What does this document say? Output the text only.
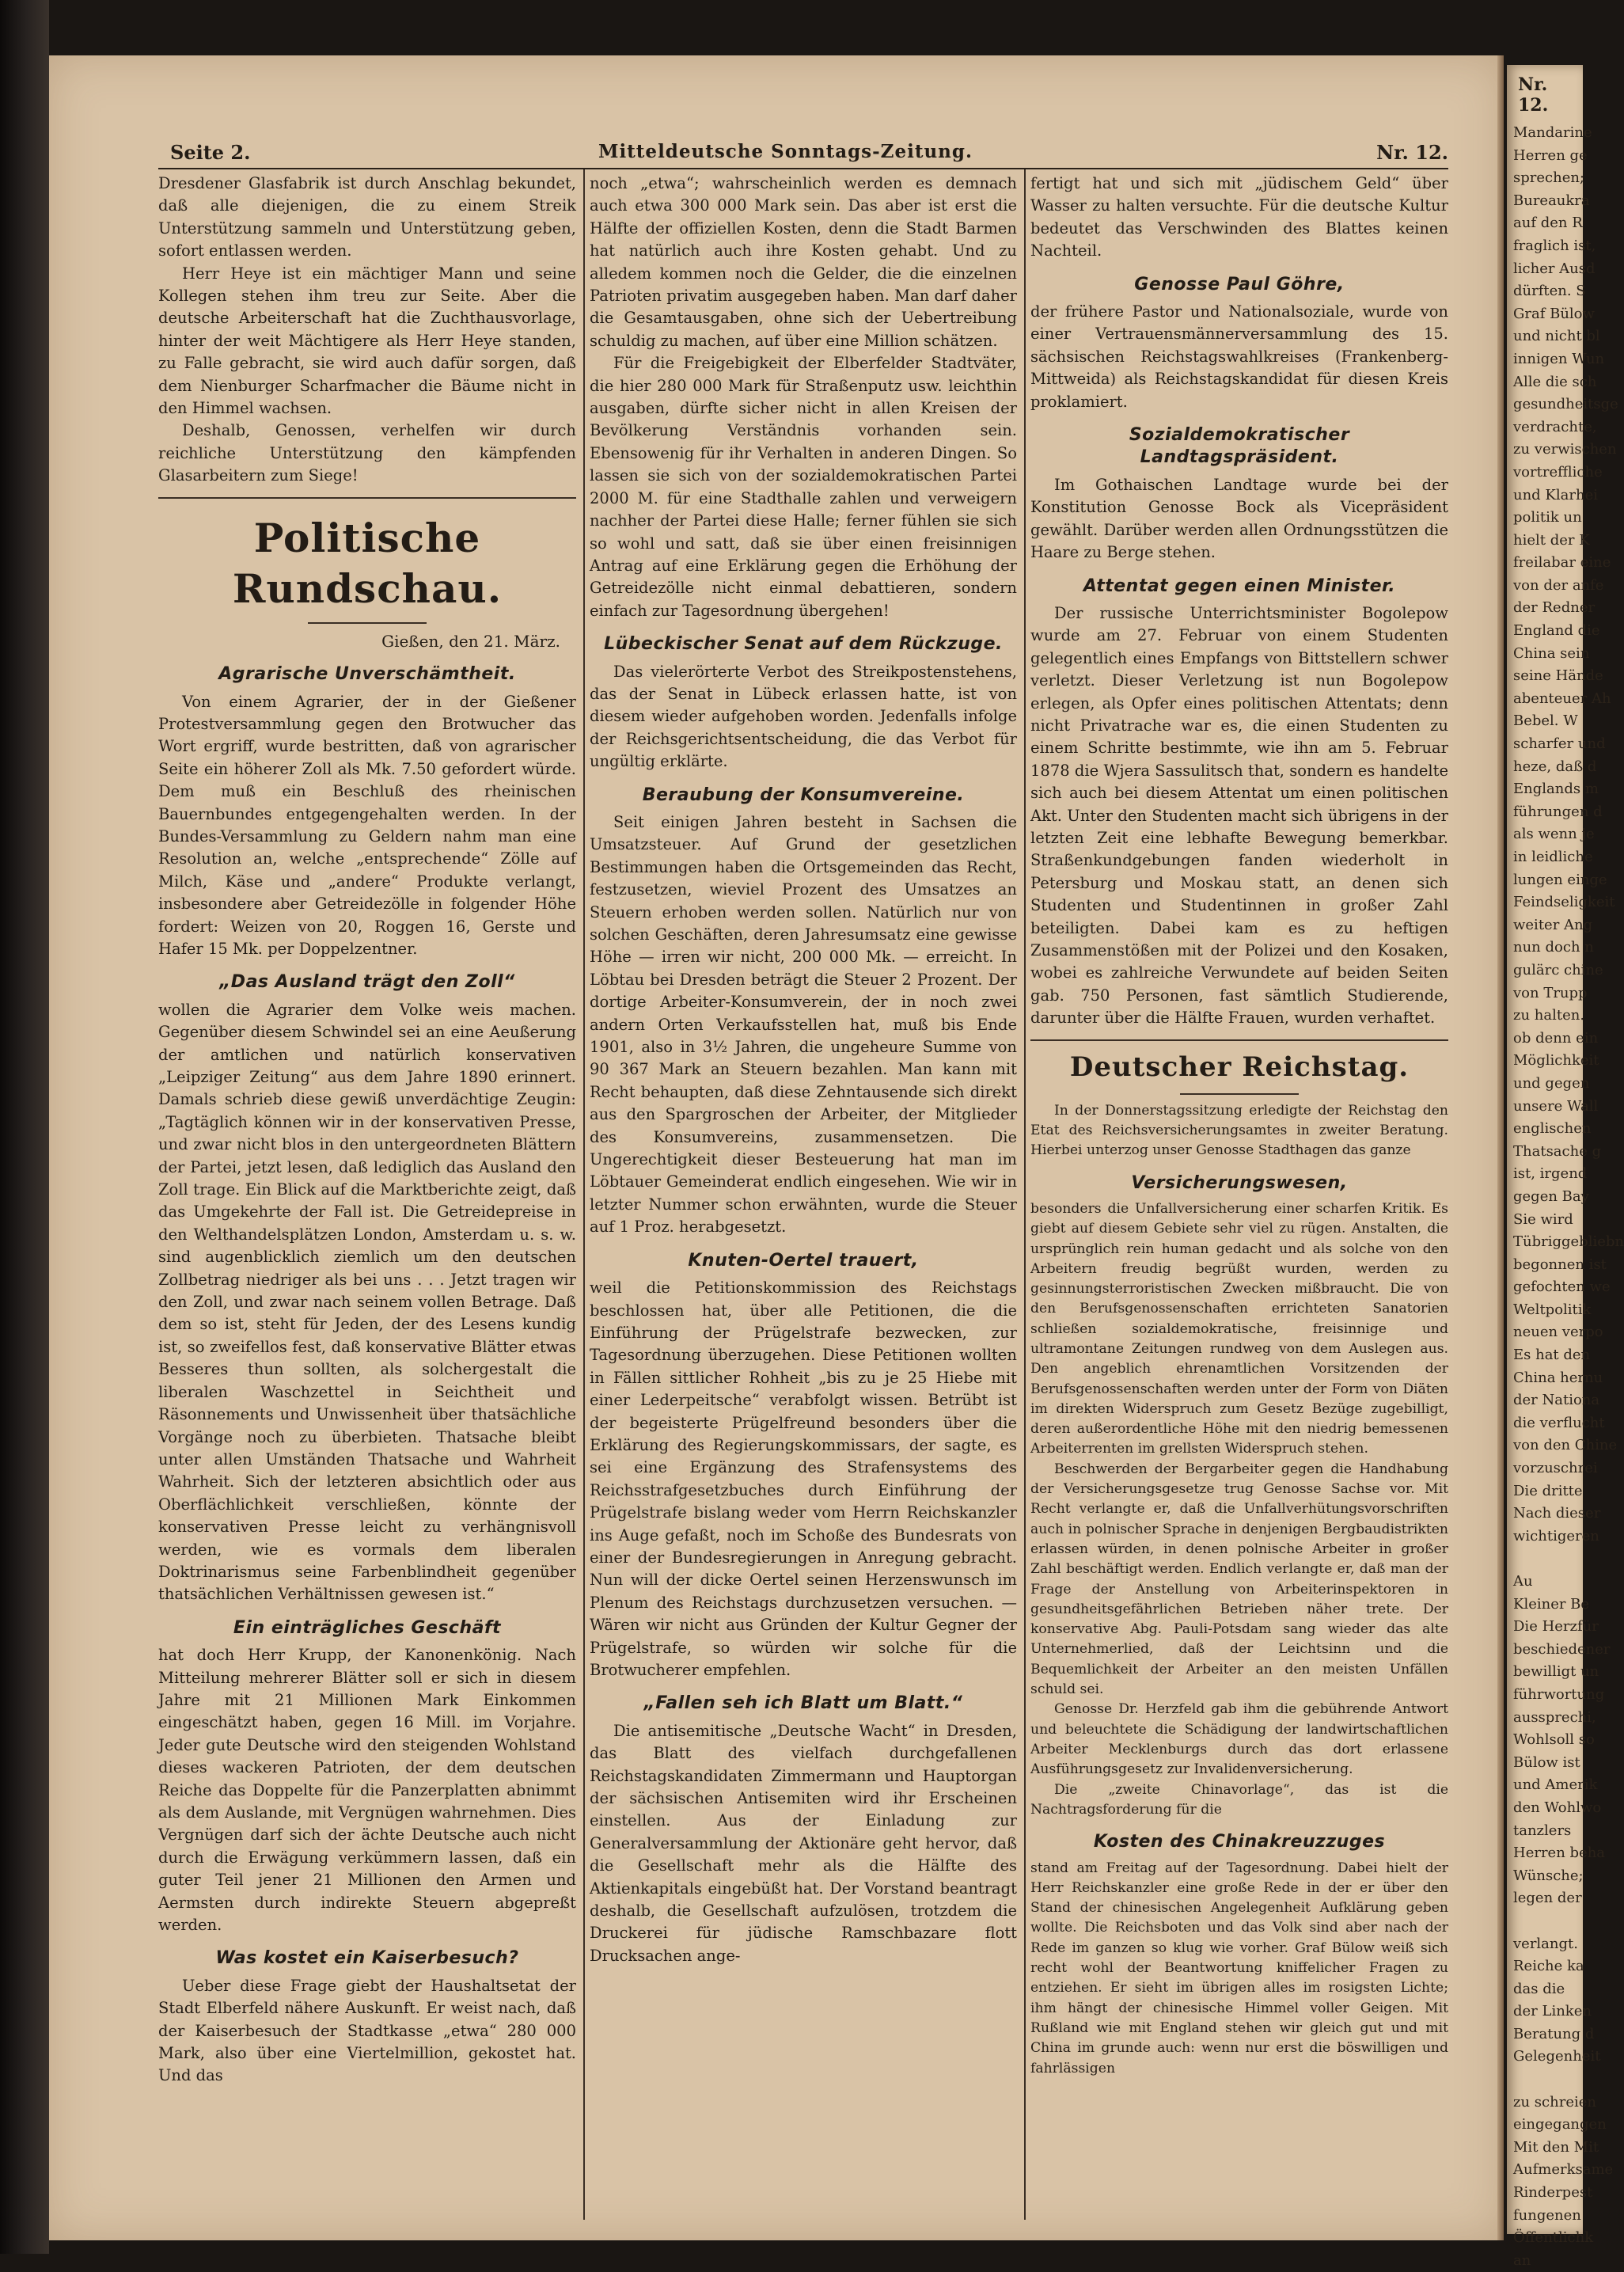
Nr. 12.
Mandarine
Herren ge
sprechen;
Bureaukra
auf den R
fraglich ist,
licher Ausd
dürften. S
Graf Bülow
und nicht bl
innigen Wun
Alle die sch
gesundheitsge
verdrachte,
zu verwischen
vortreffliche
und Klarhei
politik un
hielt der K
freilabar eine
von der anfe
der Redner
England die
China sein
seine Hände
abenteuer Ah
Bebel. W
scharfer und
heze, daß d
Englands m
führungen d
als wenn je
in leidliche
lungen einge
Feindseligkeit
weiter Ang
nun doch n
gulärc chine
von Trupp
zu halten.
ob denn ein
Möglichkeit
und gegen
unsere Wall
englischen
Thatsache g
ist, irgend
gegen Bay
Sie wird
Tübriggebliebn
begonnen ist
gefochten we
Weltpolitik
neuen verpo
Es hat den
China hernu
der Nationa
die verflucht
von den Chine
vorzuschrei
Die dritte
Nach dieser
wichtigeren

Au
Kleiner Be
Die Herzfür
beschiedener
bewilligt un
führwortung
aussprechi,
Wohlsoll so
Bülow ist
und Amerik
den Wohlwo
tanzlers
Herren beha
Wünsche;
legen der

verlangt.
Reiche ka
das die
der Linken
Beratung d
Gelegenheit

zu schreien
eingegangen
Mit den Mit
Aufmerksame
Rinderpest
fungenen
Öffentlichk
an
Seite 2.	Mitteldeutsche Sonntags-Zeitung.	Nr. 12.

Dresdener Glasfabrik ist durch Anschlag bekundet, daß alle diejenigen, die zu einem Streik Unterstützung sammeln und Unterstützung geben, sofort entlassen werden.

Herr Heye ist ein mächtiger Mann und seine Kollegen stehen ihm treu zur Seite. Aber die deutsche Arbeiterschaft hat die Zuchthausvorlage, hinter der weit Mächtigere als Herr Heye standen, zu Falle gebracht, sie wird auch dafür sorgen, daß dem Nienburger Scharfmacher die Bäume nicht in den Himmel wachsen.

Deshalb, Genossen, verhelfen wir durch reichliche Unterstützung den kämpfenden Glasarbeitern zum Siege!

Politische Rundschau.
Gießen, den 21. März.
Agrarische Unverschämtheit.

Von einem Agrarier, der in der Gießener Protestversammlung gegen den Brotwucher das Wort ergriff, wurde bestritten, daß von agrarischer Seite ein höherer Zoll als Mk. 7.50 gefordert würde. Dem muß ein Beschluß des rheinischen Bauernbundes entgegengehalten werden. In der Bundes-Versammlung zu Geldern nahm man eine Resolution an, welche „entsprechende“ Zölle auf Milch, Käse und „andere“ Produkte verlangt, insbesondere aber Getreidezölle in folgender Höhe fordert: Weizen von 20, Roggen 16, Gerste und Hafer 15 Mk. per Doppelzentner.

„Das Ausland trägt den Zoll“

wollen die Agrarier dem Volke weis machen. Gegenüber diesem Schwindel sei an eine Aeußerung der amtlichen und natürlich konservativen „Leipziger Zeitung“ aus dem Jahre 1890 erinnert. Damals schrieb diese gewiß unverdächtige Zeugin: „Tagtäglich können wir in der konservativen Presse, und zwar nicht blos in den untergeordneten Blättern der Partei, jetzt lesen, daß lediglich das Ausland den Zoll trage. Ein Blick auf die Marktberichte zeigt, daß das Umgekehrte der Fall ist. Die Getreidepreise in den Welthandelsplätzen London, Amsterdam u. s. w. sind augenblicklich ziemlich um den deutschen Zollbetrag niedriger als bei uns . . . Jetzt tragen wir den Zoll, und zwar nach seinem vollen Betrage. Daß dem so ist, steht für Jeden, der des Lesens kundig ist, so zweifellos fest, daß konservative Blätter etwas Besseres thun sollten, als solchergestalt die liberalen Waschzettel in Seichtheit und Räsonnements und Unwissenheit über thatsächliche Vorgänge noch zu überbieten. Thatsache bleibt unter allen Umständen Thatsache und Wahrheit Wahrheit. Sich der letzteren absichtlich oder aus Oberflächlichkeit verschließen, könnte der konservativen Presse leicht zu verhängnisvoll werden, wie es vormals dem liberalen Doktrinarismus seine Farbenblindheit gegenüber thatsächlichen Verhältnissen gewesen ist.“

Ein einträgliches Geschäft

hat doch Herr Krupp, der Kanonenkönig. Nach Mitteilung mehrerer Blätter soll er sich in diesem Jahre mit 21 Millionen Mark Einkommen eingeschätzt haben, gegen 16 Mill. im Vorjahre. Jeder gute Deutsche wird den steigenden Wohlstand dieses wackeren Patrioten, der dem deutschen Reiche das Doppelte für die Panzerplatten abnimmt als dem Auslande, mit Vergnügen wahrnehmen. Dies Vergnügen darf sich der ächte Deutsche auch nicht durch die Erwägung verkümmern lassen, daß ein guter Teil jener 21 Millionen den Armen und Aermsten durch indirekte Steuern abgepreßt werden.

Was kostet ein Kaiserbesuch?

Ueber diese Frage giebt der Haushaltsetat der Stadt Elberfeld nähere Auskunft. Er weist nach, daß der Kaiserbesuch der Stadtkasse „etwa“ 280 000 Mark, also über eine Viertelmillion, gekostet hat. Und das

noch „etwa“; wahrscheinlich werden es demnach auch etwa 300 000 Mark sein. Das aber ist erst die Hälfte der offiziellen Kosten, denn die Stadt Barmen hat natürlich auch ihre Kosten gehabt. Und zu alledem kommen noch die Gelder, die die einzelnen Patrioten privatim ausgegeben haben. Man darf daher die Gesamtausgaben, ohne sich der Uebertreibung schuldig zu machen, auf über eine Million schätzen.

Für die Freigebigkeit der Elberfelder Stadtväter, die hier 280 000 Mark für Straßenputz usw. leichthin ausgaben, dürfte sicher nicht in allen Kreisen der Bevölkerung Verständnis vorhanden sein. Ebensowenig für ihr Verhalten in anderen Dingen. So lassen sie sich von der sozialdemokratischen Partei 2000 M. für eine Stadthalle zahlen und verweigern nachher der Partei diese Halle; ferner fühlen sie sich so wohl und satt, daß sie über einen freisinnigen Antrag auf eine Erklärung gegen die Erhöhung der Getreidezölle nicht einmal debattieren, sondern einfach zur Tagesordnung übergehen!

Lübeckischer Senat auf dem Rückzuge.

Das vielerörterte Verbot des Streikpostenstehens, das der Senat in Lübeck erlassen hatte, ist von diesem wieder aufgehoben worden. Jedenfalls infolge der Reichsgerichtsentscheidung, die das Verbot für ungültig erklärte.

Beraubung der Konsumvereine.

Seit einigen Jahren besteht in Sachsen die Umsatzsteuer. Auf Grund der gesetzlichen Bestimmungen haben die Ortsgemeinden das Recht, festzusetzen, wieviel Prozent des Umsatzes an Steuern erhoben werden sollen. Natürlich nur von solchen Geschäften, deren Jahresumsatz eine gewisse Höhe — irren wir nicht, 200 000 Mk. — erreicht. In Löbtau bei Dresden beträgt die Steuer 2 Prozent. Der dortige Arbeiter-Konsumverein, der in noch zwei andern Orten Verkaufsstellen hat, muß bis Ende 1901, also in 3½ Jahren, die ungeheure Summe von 90 367 Mark an Steuern bezahlen. Man kann mit Recht behaupten, daß diese Zehntausende sich direkt aus den Spargroschen der Arbeiter, der Mitglieder des Konsumvereins, zusammensetzen. Die Ungerechtigkeit dieser Besteuerung hat man im Löbtauer Gemeinderat endlich eingesehen. Wie wir in letzter Nummer schon erwähnten, wurde die Steuer auf 1 Proz. herabgesetzt.

Knuten-Oertel trauert,

weil die Petitionskommission des Reichstags beschlossen hat, über alle Petitionen, die die Einführung der Prügelstrafe bezwecken, zur Tagesordnung überzugehen. Diese Petitionen wollten in Fällen sittlicher Rohheit „bis zu je 25 Hiebe mit einer Lederpeitsche“ verabfolgt wissen. Betrübt ist der begeisterte Prügelfreund besonders über die Erklärung des Regierungskommissars, der sagte, es sei eine Ergänzung des Strafensystems des Reichsstrafgesetzbuches durch Einführung der Prügelstrafe bislang weder vom Herrn Reichskanzler ins Auge gefaßt, noch im Schoße des Bundesrats von einer der Bundesregierungen in Anregung gebracht. Nun will der dicke Oertel seinen Herzenswunsch im Plenum des Reichstags durchzusetzen versuchen. — Wären wir nicht aus Gründen der Kultur Gegner der Prügelstrafe, so würden wir solche für die Brotwucherer empfehlen.

„Fallen seh ich Blatt um Blatt.“

Die antisemitische „Deutsche Wacht“ in Dresden, das Blatt des vielfach durchgefallenen Reichstagskandidaten Zimmermann und Hauptorgan der sächsischen Antisemiten wird ihr Erscheinen einstellen. Aus der Einladung zur Generalversammlung der Aktionäre geht hervor, daß die Gesellschaft mehr als die Hälfte des Aktienkapitals eingebüßt hat. Der Vorstand beantragt deshalb, die Gesellschaft aufzulösen, trotzdem die Druckerei für jüdische Ramschbazare flott Drucksachen ange-

fertigt hat und sich mit „jüdischem Geld“ über Wasser zu halten versuchte. Für die deutsche Kultur bedeutet das Verschwinden des Blattes keinen Nachteil.

Genosse Paul Göhre,

der frühere Pastor und Nationalsoziale, wurde von einer Vertrauensmännerversammlung des 15. sächsischen Reichstagswahlkreises (Frankenberg-Mittweida) als Reichstagskandidat für diesen Kreis proklamiert.

Sozialdemokratischer Landtagspräsident.

Im Gothaischen Landtage wurde bei der Konstitution Genosse Bock als Vicepräsident gewählt. Darüber werden allen Ordnungsstützen die Haare zu Berge stehen.

Attentat gegen einen Minister.

Der russische Unterrichtsminister Bogolepow wurde am 27. Februar von einem Studenten gelegentlich eines Empfangs von Bittstellern schwer verletzt. Dieser Verletzung ist nun Bogolepow erlegen, als Opfer eines politischen Attentats; denn nicht Privatrache war es, die einen Studenten zu einem Schritte bestimmte, wie ihn am 5. Februar 1878 die Wjera Sassulitsch that, sondern es handelte sich auch bei diesem Attentat um einen politischen Akt. Unter den Studenten macht sich übrigens in der letzten Zeit eine lebhafte Bewegung bemerkbar. Straßenkundgebungen fanden wiederholt in Petersburg und Moskau statt, an denen sich Studenten und Studentinnen in großer Zahl beteiligten. Dabei kam es zu heftigen Zusammenstößen mit der Polizei und den Kosaken, wobei es zahlreiche Verwundete auf beiden Seiten gab. 750 Personen, fast sämtlich Studierende, darunter über die Hälfte Frauen, wurden verhaftet.

Deutscher Reichstag.

In der Donnerstagssitzung erledigte der Reichstag den Etat des Reichsversicherungsamtes in zweiter Beratung. Hierbei unterzog unser Genosse Stadthagen das ganze

Versicherungswesen,

besonders die Unfallversicherung einer scharfen Kritik. Es giebt auf diesem Gebiete sehr viel zu rügen. Anstalten, die ursprünglich rein human gedacht und als solche von den Arbeitern freudig begrüßt wurden, werden zu gesinnungsterroristischen Zwecken mißbraucht. Die von den Berufsgenossenschaften errichteten Sanatorien schließen sozialdemokratische, freisinnige und ultramontane Zeitungen rundweg von dem Auslegen aus. Den angeblich ehrenamtlichen Vorsitzenden der Berufsgenossenschaften werden unter der Form von Diäten im direkten Widerspruch zum Gesetz Bezüge zugebilligt, deren außerordentliche Höhe mit den niedrig bemessenen Arbeiterrenten im grellsten Widerspruch stehen.

Beschwerden der Bergarbeiter gegen die Handhabung der Versicherungsgesetze trug Genosse Sachse vor. Mit Recht verlangte er, daß die Unfallverhütungsvorschriften auch in polnischer Sprache in denjenigen Bergbaudistrikten erlassen würden, in denen polnische Arbeiter in großer Zahl beschäftigt werden. Endlich verlangte er, daß man der Frage der Anstellung von Arbeiterinspektoren in gesundheitsgefährlichen Betrieben näher trete. Der konservative Abg. Pauli-Potsdam sang wieder das alte Unternehmerlied, daß der Leichtsinn und die Bequemlichkeit der Arbeiter an den meisten Unfällen schuld sei.

Genosse Dr. Herzfeld gab ihm die gebührende Antwort und beleuchtete die Schädigung der landwirtschaftlichen Arbeiter Mecklenburgs durch das dort erlassene Ausführungsgesetz zur Invalidenversicherung.

Die „zweite Chinavorlage“, das ist die Nachtragsforderung für die

Kosten des Chinakreuzzuges

stand am Freitag auf der Tagesordnung. Dabei hielt der Herr Reichskanzler eine große Rede in der er über den Stand der chinesischen Angelegenheit Aufklärung geben wollte. Die Reichsboten und das Volk sind aber nach der Rede im ganzen so klug wie vorher. Graf Bülow weiß sich recht wohl der Beantwortung kniffelicher Fragen zu entziehen. Er sieht im übrigen alles im rosigsten Lichte; ihm hängt der chinesische Himmel voller Geigen. Mit Rußland wie mit England stehen wir gleich gut und mit China im grunde auch: wenn nur erst die böswilligen und fahrlässigen
